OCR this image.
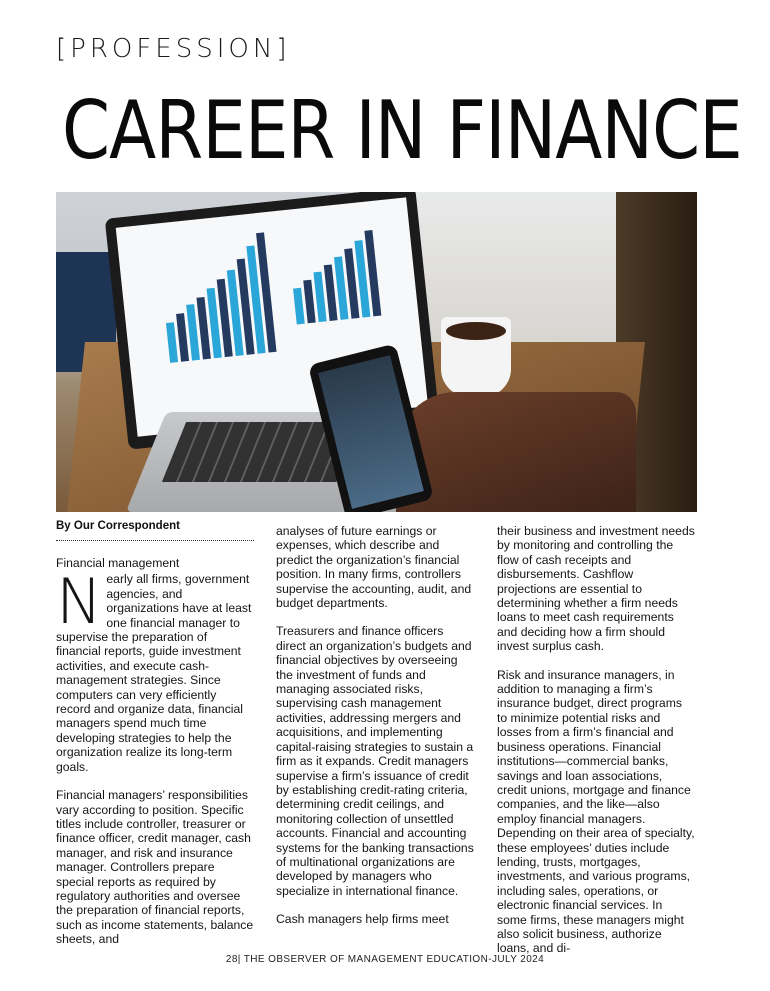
[PROFESSION]
CAREER IN FINANCE
By Our Correspondent

Financial management

Nearly all firms, government agencies, and organizations have at least one financial manager to supervise the preparation of financial reports, guide investment activities, and execute cash-management strategies. Since computers can very efficiently record and organize data, financial managers spend much time developing strategies to help the organization realize its long-term goals.

Financial managers’ responsibilities vary according to position. Specific titles include controller, treasurer or finance officer, credit manager, cash manager, and risk and insurance manager. Controllers prepare special reports as required by regulatory authorities and oversee the preparation of financial reports, such as income statements, balance sheets, and

analyses of future earnings or expenses, which describe and predict the organization’s financial position. In many firms, controllers supervise the accounting, audit, and budget departments.

Treasurers and finance officers direct an organization’s budgets and financial objectives by overseeing the investment of funds and managing associated risks, supervising cash management activities, addressing mergers and acquisitions, and implementing capital-raising strategies to sustain a firm as it expands. Credit managers supervise a firm’s issuance of credit by establishing credit-rating criteria, determining credit ceilings, and monitoring collection of unsettled accounts. Financial and accounting systems for the banking transactions of multinational organizations are developed by managers who specialize in international finance.

Cash managers help firms meet

their business and investment needs by monitoring and controlling the flow of cash receipts and disbursements. Cashflow projections are essential to determining whether a firm needs loans to meet cash requirements and deciding how a firm should invest surplus cash.

Risk and insurance managers, in addition to managing a firm’s insurance budget, direct programs to minimize potential risks and losses from a firm’s financial and business operations. Financial institutions—commercial banks, savings and loan associations, credit unions, mortgage and finance companies, and the like—also employ financial managers. Depending on their area of specialty, these employees’ duties include lending, trusts, mortgages, investments, and various programs, including sales, operations, or electronic financial services. In some firms, these managers might also solicit business, authorize loans, and di-

28| THE OBSERVER OF MANAGEMENT EDUCATION-JULY 2024
